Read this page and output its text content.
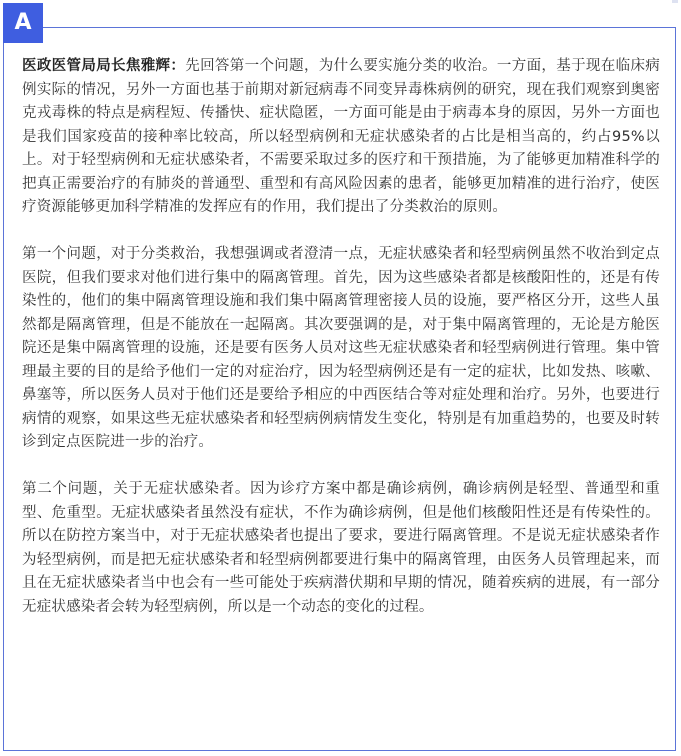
A

医政医管局局长焦雅辉：先回答第一个问题，为什么要实施分类的收治。一方面，基于现在临床病例实际的情况，另外一方面也基于前期对新冠病毒不同变异毒株病例的研究，现在我们观察到奥密克戎毒株的特点是病程短、传播快、症状隐匿，一方面可能是由于病毒本身的原因，另外一方面也是我们国家疫苗的接种率比较高，所以轻型病例和无症状感染者的占比是相当高的，约占95%以上。对于轻型病例和无症状感染者，不需要采取过多的医疗和干预措施，为了能够更加精准科学的把真正需要治疗的有肺炎的普通型、重型和有高风险因素的患者，能够更加精准的进行治疗，使医疗资源能够更加科学精准的发挥应有的作用，我们提出了分类救治的原则。

第一个问题，对于分类救治，我想强调或者澄清一点，无症状感染者和轻型病例虽然不收治到定点医院，但我们要求对他们进行集中的隔离管理。首先，因为这些感染者都是核酸阳性的，还是有传染性的，他们的集中隔离管理设施和我们集中隔离管理密接人员的设施，要严格区分开，这些人虽然都是隔离管理，但是不能放在一起隔离。其次要强调的是，对于集中隔离管理的，无论是方舱医院还是集中隔离管理的设施，还是要有医务人员对这些无症状感染者和轻型病例进行管理。集中管理最主要的目的是给予他们一定的对症治疗，因为轻型病例还是有一定的症状，比如发热、咳嗽、鼻塞等，所以医务人员对于他们还是要给予相应的中西医结合等对症处理和治疗。另外，也要进行病情的观察，如果这些无症状感染者和轻型病例病情发生变化，特别是有加重趋势的，也要及时转诊到定点医院进一步的治疗。

第二个问题，关于无症状感染者。因为诊疗方案中都是确诊病例，确诊病例是轻型、普通型和重型、危重型。无症状感染者虽然没有症状，不作为确诊病例，但是他们核酸阳性还是有传染性的。所以在防控方案当中，对于无症状感染者也提出了要求，要进行隔离管理。不是说无症状感染者作为轻型病例，而是把无症状感染者和轻型病例都要进行集中的隔离管理，由医务人员管理起来，而且在无症状感染者当中也会有一些可能处于疾病潜伏期和早期的情况，随着疾病的进展，有一部分无症状感染者会转为轻型病例，所以是一个动态的变化的过程。
